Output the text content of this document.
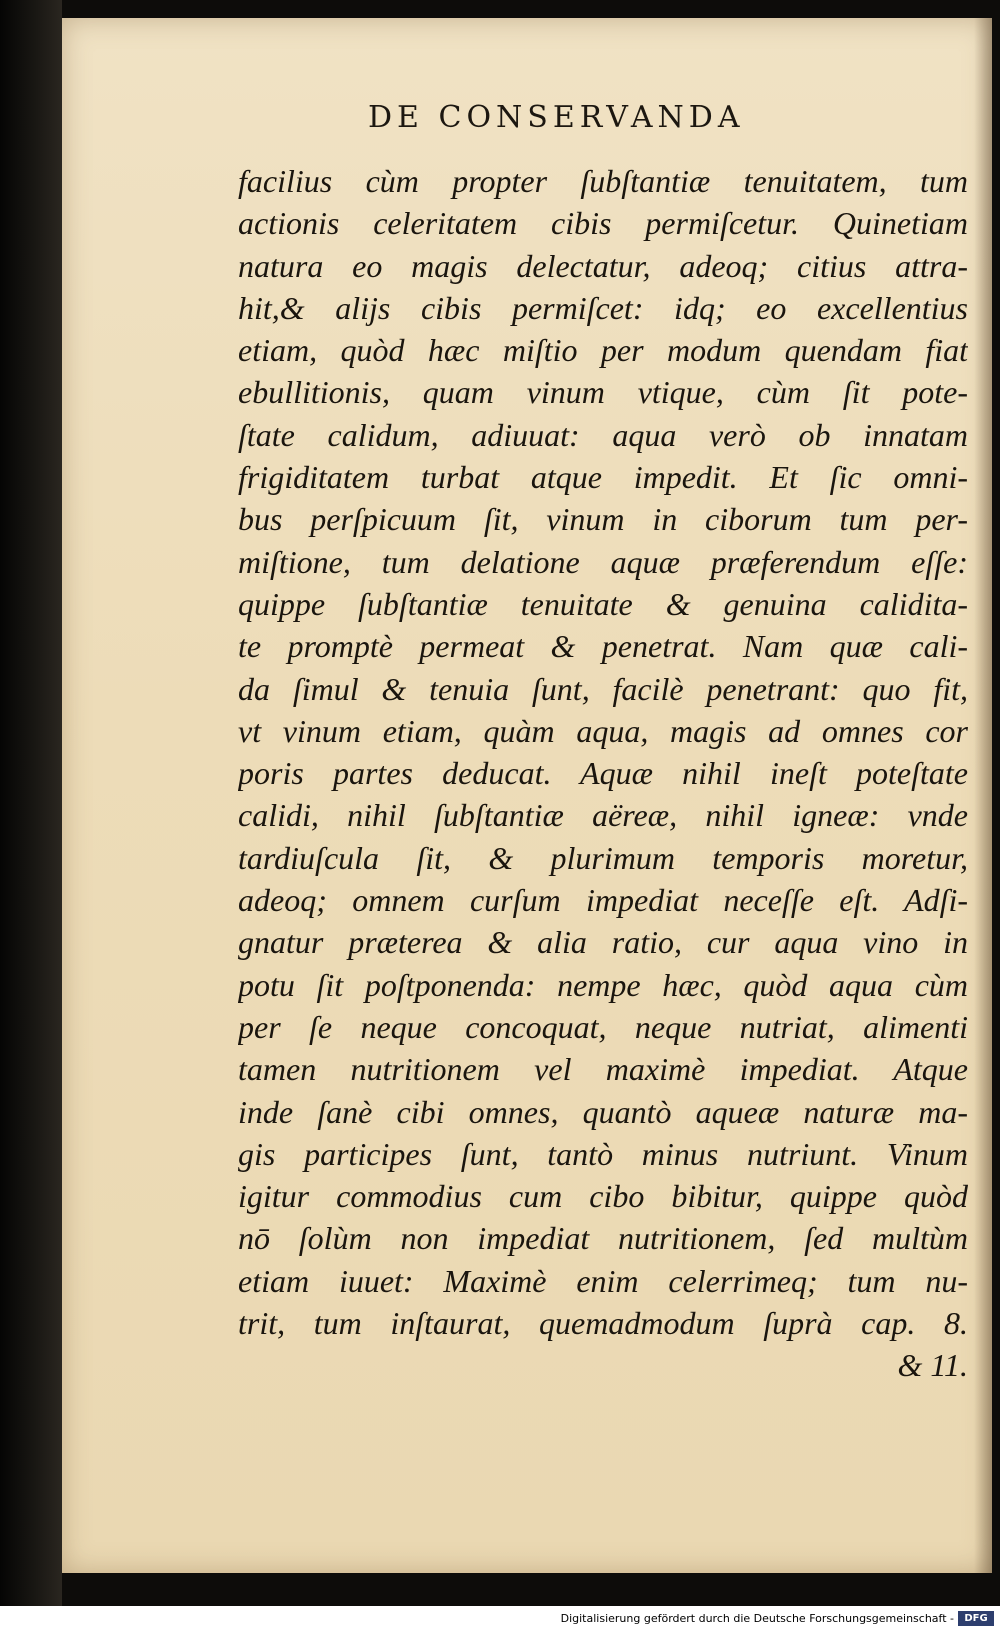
DE CONSERVANDA
facilius cùm propter ſubſtantiæ tenuitatem, tum
actionis celeritatem cibis permiſcetur. Quinetiam
natura eo magis delectatur, adeoq; citius attra-
hit,& alijs cibis permiſcet: idq; eo excellentius
etiam, quòd hæc miſtio per modum quendam fiat
ebullitionis, quam vinum vtique, cùm ſit pote-
ſtate calidum, adiuuat: aqua verò ob innatam
frigiditatem turbat atque impedit. Et ſic omni-
bus perſpicuum ſit, vinum in ciborum tum per-
miſtione, tum delatione aquæ præferendum eſſe:
quippe ſubſtantiæ tenuitate & genuina calidita-
te promptè permeat & penetrat. Nam quæ cali-
da ſimul & tenuia ſunt, facilè penetrant: quo fit,
vt vinum etiam, quàm aqua, magis ad omnes cor
poris partes deducat. Aquæ nihil ineſt poteſtate
calidi, nihil ſubſtantiæ aëreæ, nihil igneæ: vnde
tardiuſcula ſit, & plurimum temporis moretur,
adeoq; omnem curſum impediat neceſſe eſt. Adſi-
gnatur præterea & alia ratio, cur aqua vino in
potu ſit poſtponenda: nempe hæc, quòd aqua cùm
per ſe neque concoquat, neque nutriat, alimenti
tamen nutritionem vel maximè impediat. Atque
inde ſanè cibi omnes, quantò aqueæ naturæ ma-
gis participes ſunt, tantò minus nutriunt. Vinum
igitur commodius cum cibo bibitur, quippe quòd
nō ſolùm non impediat nutritionem, ſed multùm
etiam iuuet: Maximè enim celerrimeq; tum nu-
trit, tum inſtaurat, quemadmodum ſuprà cap. 8.
& 11.
Digitalisierung gefördert durch die Deutsche Forschungsgemeinschaft -	DFG
